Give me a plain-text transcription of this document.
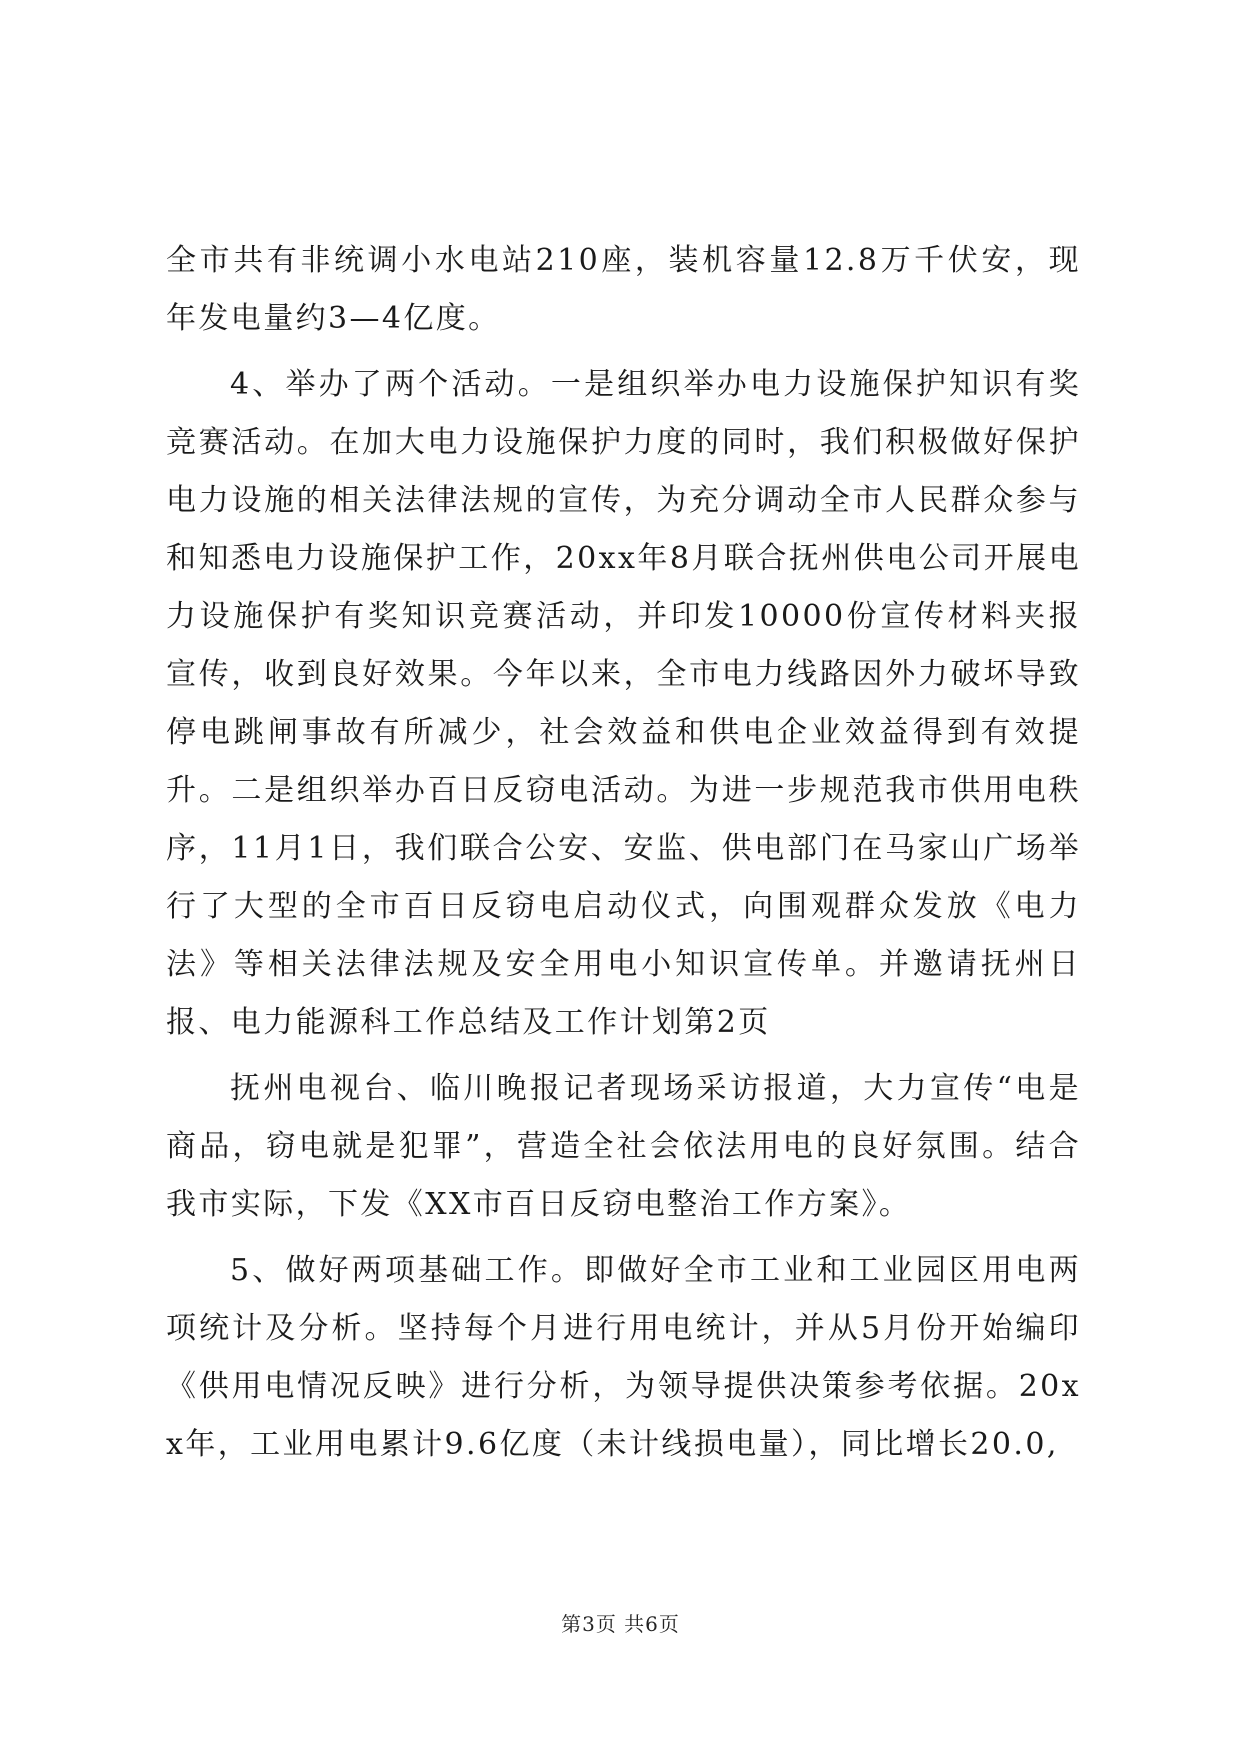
全市共有非统调小水电站210座，装机容量12.8万千伏安，现年发电量约3—4亿度。

4、举办了两个活动。一是组织举办电力设施保护知识有奖竞赛活动。在加大电力设施保护力度的同时，我们积极做好保护电力设施的相关法律法规的宣传，为充分调动全市人民群众参与和知悉电力设施保护工作，20xx年8月联合抚州供电公司开展电力设施保护有奖知识竞赛活动，并印发10000份宣传材料夹报宣传，收到良好效果。今年以来，全市电力线路因外力破坏导致停电跳闸事故有所减少，社会效益和供电企业效益得到有效提升。二是组织举办百日反窃电活动。为进一步规范我市供用电秩序，11月1日，我们联合公安、安监、供电部门在马家山广场举行了大型的全市百日反窃电启动仪式，向围观群众发放《电力法》等相关法律法规及安全用电小知识宣传单。并邀请抚州日报、电力能源科工作总结及工作计划第2页

抚州电视台、临川晚报记者现场采访报道，大力宣传“电是商品，窃电就是犯罪”，营造全社会依法用电的良好氛围。结合我市实际，下发《XX市百日反窃电整治工作方案》。

5、做好两项基础工作。即做好全市工业和工业园区用电两项统计及分析。坚持每个月进行用电统计，并从5月份开始编印《供用电情况反映》进行分析，为领导提供决策参考依据。20xx年，工业用电累计9.6亿度（未计线损电量），同比增长20.0,

第3页 共6页
